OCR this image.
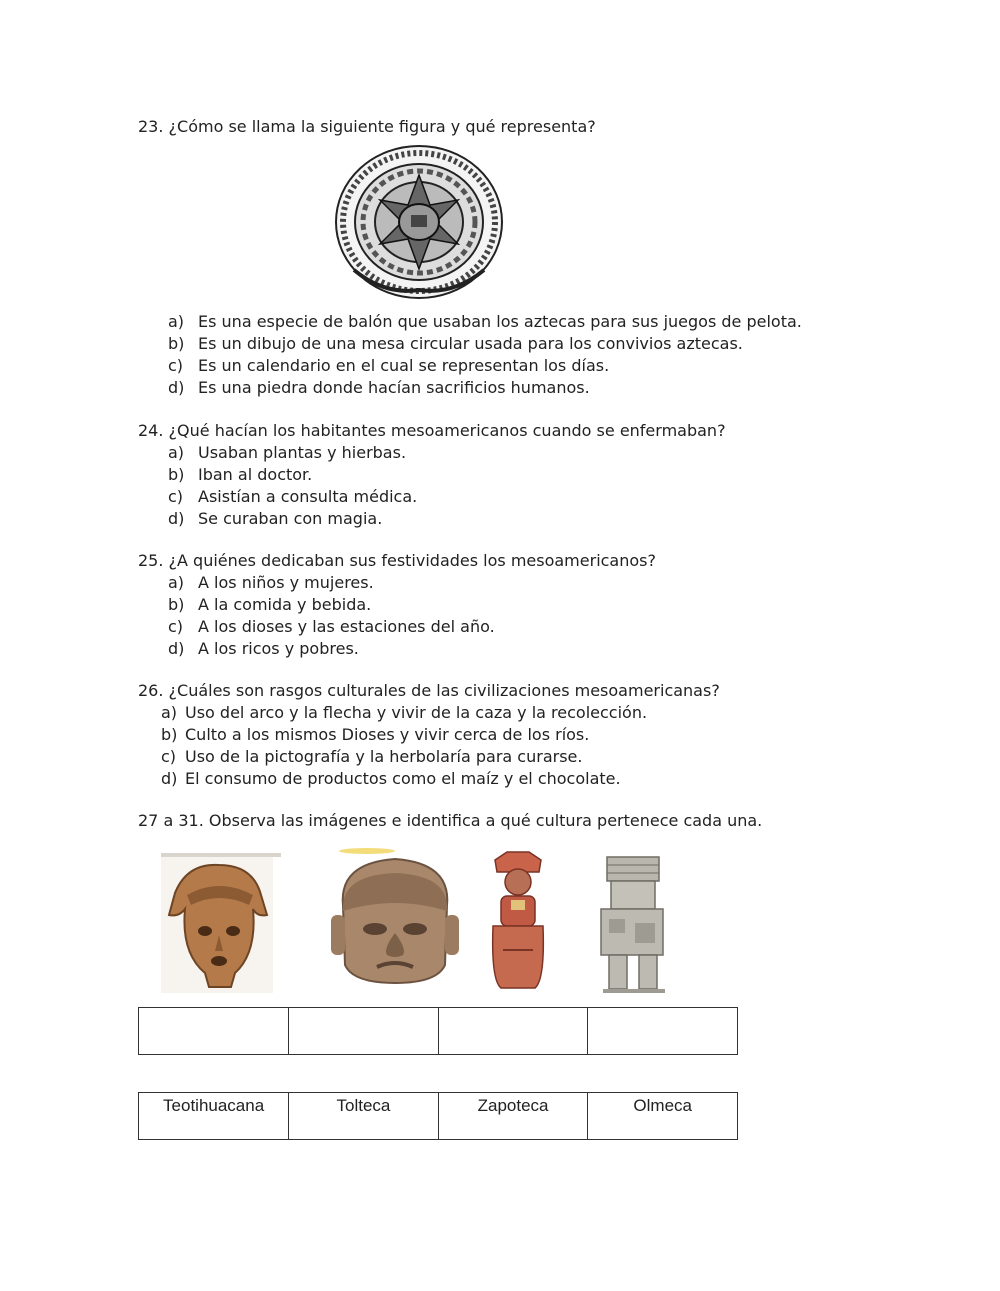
23. ¿Cómo se llama la siguiente figura y qué representa?
a) Es una especie de balón que usaban los aztecas para sus juegos de pelota.
b) Es un dibujo de una mesa circular usada para los convivios aztecas.
c) Es un calendario en el cual se representan los días.
d) Es una piedra donde hacían sacrificios humanos.
24. ¿Qué hacían los habitantes mesoamericanos cuando se enfermaban?
a) Usaban plantas y hierbas.
b) Iban al doctor.
c) Asistían a consulta médica.
d) Se curaban con magia.
25. ¿A quiénes dedicaban sus festividades los mesoamericanos?
a) A los niños y mujeres.
b) A la comida y bebida.
c) A los dioses y las estaciones del año.
d) A los ricos y pobres.
26. ¿Cuáles son rasgos culturales de las civilizaciones mesoamericanas?
a) Uso del arco y la flecha y vivir de la caza y la recolección.
b) Culto a los mismos Dioses y vivir cerca de los ríos.
c) Uso de la pictografía y la herbolaría para curarse.
d) El consumo de productos como el maíz y el chocolate.
27 a 31. Observa las imágenes e identifica a qué cultura pertenece cada una.

Teotihuacana	Tolteca	Zapoteca	Olmeca
